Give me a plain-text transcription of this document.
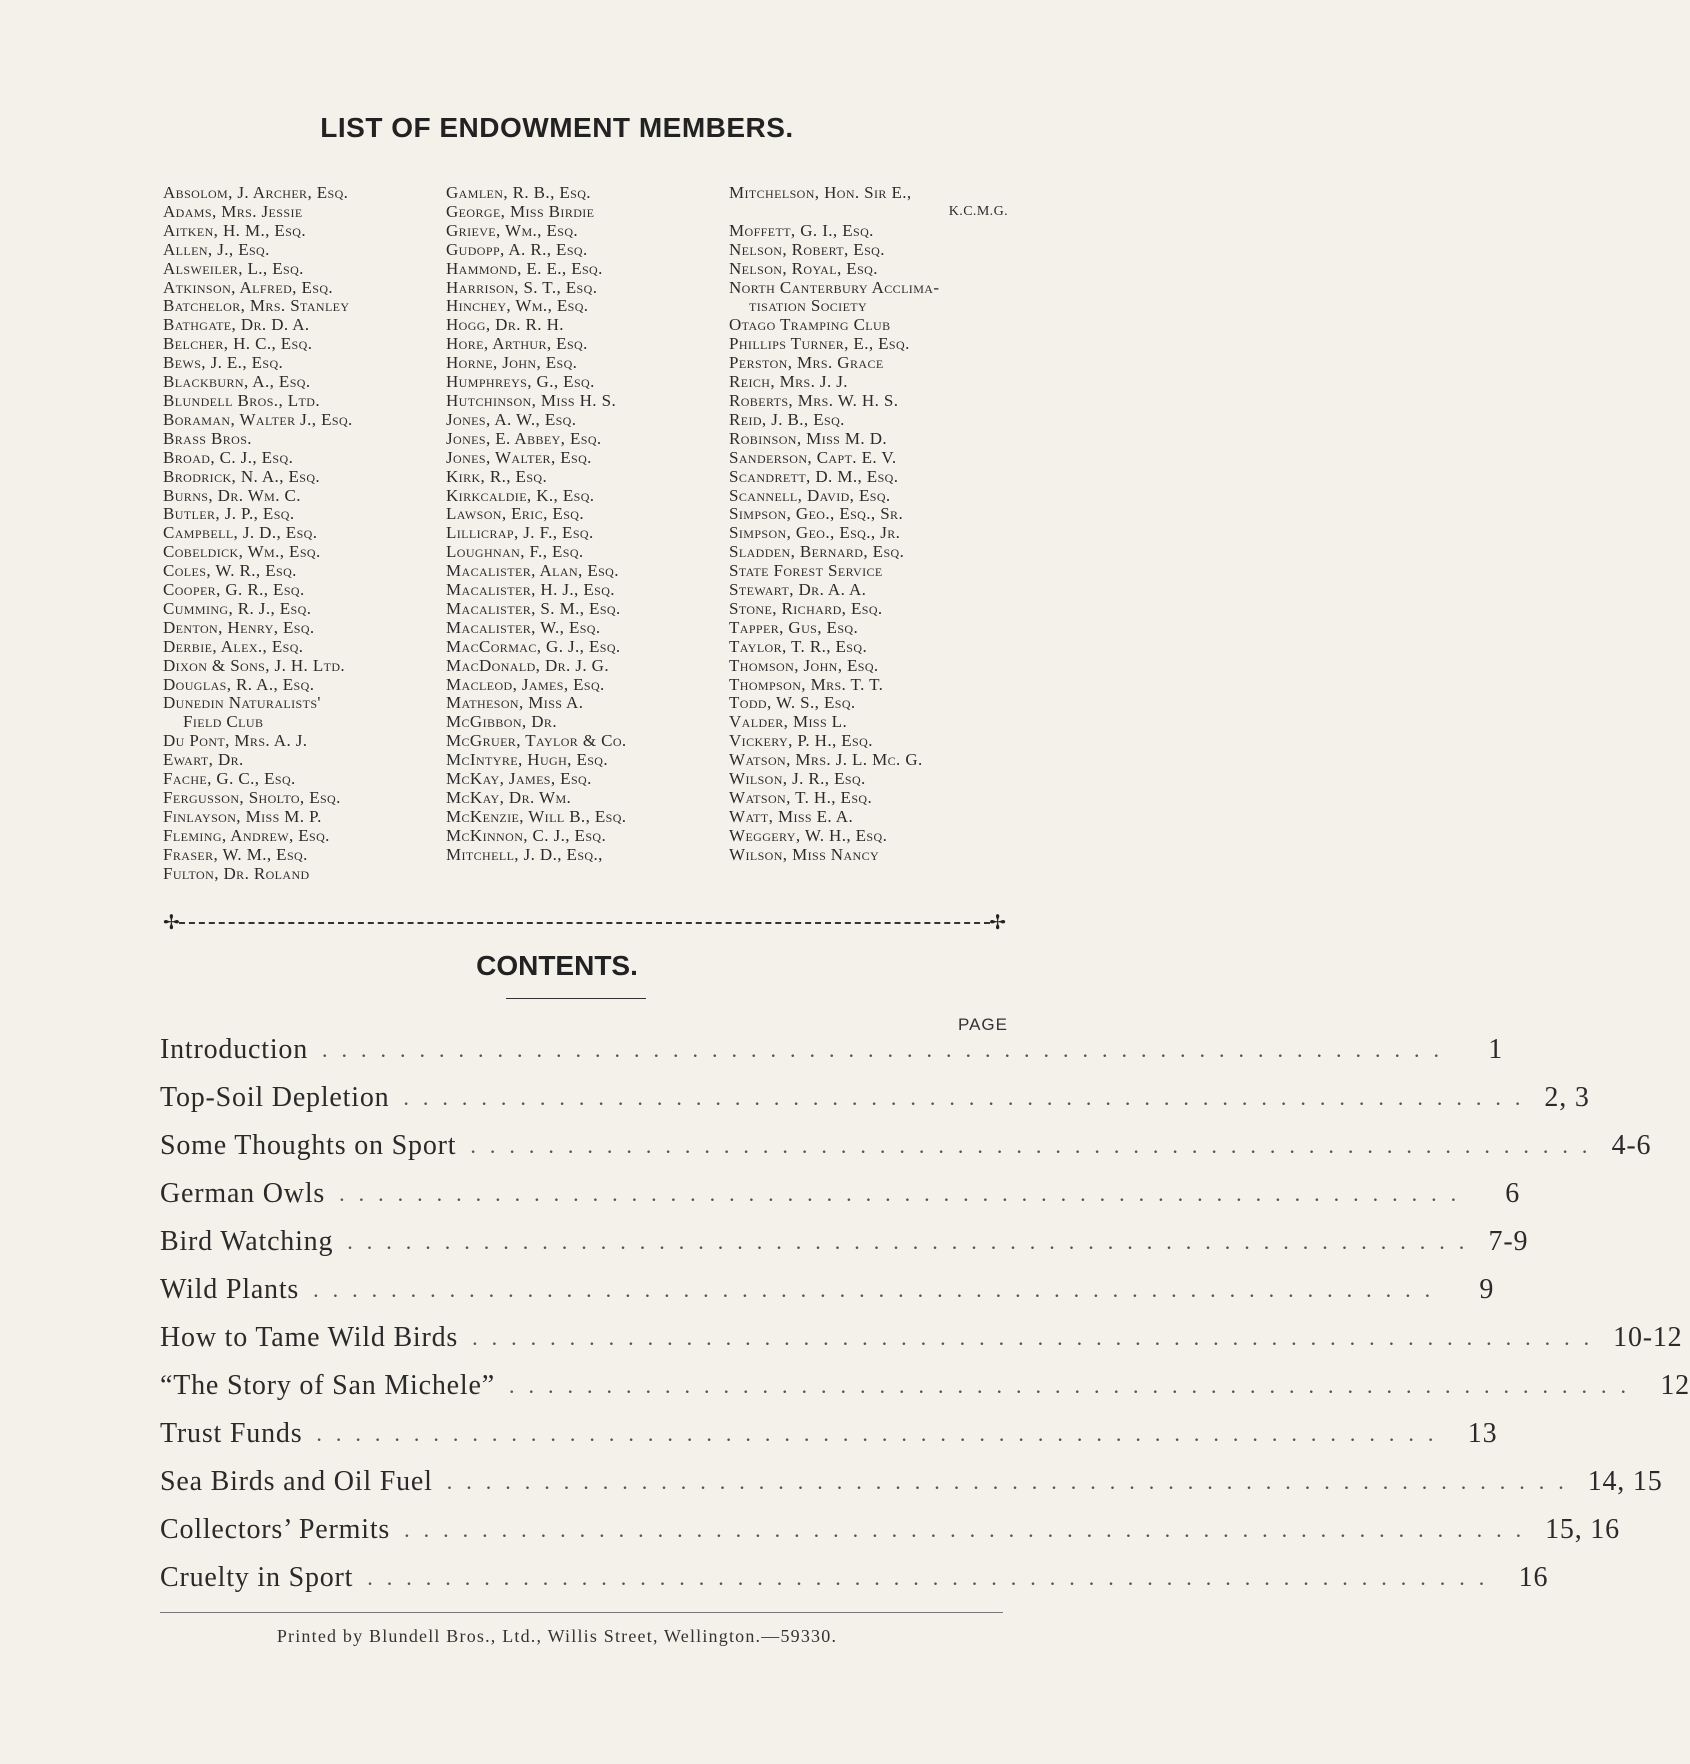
LIST OF ENDOWMENT MEMBERS.
Absolom, J. Archer, Esq.
Adams, Mrs. Jessie
Aitken, H. M., Esq.
Allen, J., Esq.
Alsweiler, L., Esq.
Atkinson, Alfred, Esq.
Batchelor, Mrs. Stanley
Bathgate, Dr. D. A.
Belcher, H. C., Esq.
Bews, J. E., Esq.
Blackburn, A., Esq.
Blundell Bros., Ltd.
Boraman, Walter J., Esq.
Brass Bros.
Broad, C. J., Esq.
Brodrick, N. A., Esq.
Burns, Dr. Wm. C.
Butler, J. P., Esq.
Campbell, J. D., Esq.
Cobeldick, Wm., Esq.
Coles, W. R., Esq.
Cooper, G. R., Esq.
Cumming, R. J., Esq.
Denton, Henry, Esq.
Derbie, Alex., Esq.
Dixon & Sons, J. H. Ltd.
Douglas, R. A., Esq.
Dunedin Naturalists'
Field Club
Du Pont, Mrs. A. J.
Ewart, Dr.
Fache, G. C., Esq.
Fergusson, Sholto, Esq.
Finlayson, Miss M. P.
Fleming, Andrew, Esq.
Fraser, W. M., Esq.
Fulton, Dr. Roland
Gamlen, R. B., Esq.
George, Miss Birdie
Grieve, Wm., Esq.
Gudopp, A. R., Esq.
Hammond, E. E., Esq.
Harrison, S. T., Esq.
Hinchey, Wm., Esq.
Hogg, Dr. R. H.
Hore, Arthur, Esq.
Horne, John, Esq.
Humphreys, G., Esq.
Hutchinson, Miss H. S.
Jones, A. W., Esq.
Jones, E. Abbey, Esq.
Jones, Walter, Esq.
Kirk, R., Esq.
Kirkcaldie, K., Esq.
Lawson, Eric, Esq.
Lillicrap, J. F., Esq.
Loughnan, F., Esq.
Macalister, Alan, Esq.
Macalister, H. J., Esq.
Macalister, S. M., Esq.
Macalister, W., Esq.
MacCormac, G. J., Esq.
MacDonald, Dr. J. G.
Macleod, James, Esq.
Matheson, Miss A.
McGibbon, Dr.
McGruer, Taylor & Co.
McIntyre, Hugh, Esq.
McKay, James, Esq.
McKay, Dr. Wm.
McKenzie, Will B., Esq.
McKinnon, C. J., Esq.
Mitchell, J. D., Esq.,
Mitchelson, Hon. Sir E.,
K.C.M.G.
Moffett, G. I., Esq.
Nelson, Robert, Esq.
Nelson, Royal, Esq.
North Canterbury Acclima-
tisation Society
Otago Tramping Club
Phillips Turner, E., Esq.
Perston, Mrs. Grace
Reich, Mrs. J. J.
Roberts, Mrs. W. H. S.
Reid, J. B., Esq.
Robinson, Miss M. D.
Sanderson, Capt. E. V.
Scandrett, D. M., Esq.
Scannell, David, Esq.
Simpson, Geo., Esq., Sr.
Simpson, Geo., Esq., Jr.
Sladden, Bernard, Esq.
State Forest Service
Stewart, Dr. A. A.
Stone, Richard, Esq.
Tapper, Gus, Esq.
Taylor, T. R., Esq.
Thomson, John, Esq.
Thompson, Mrs. T. T.
Todd, W. S., Esq.
Valder, Miss L.
Vickery, P. H., Esq.
Watson, Mrs. J. L. Mc. G.
Wilson, J. R., Esq.
Watson, T. H., Esq.
Watt, Miss E. A.
Weggery, W. H., Esq.
Wilson, Miss Nancy
✢	✢
CONTENTS.
PAGE
Introduction ..........................................................	1
Top-Soil Depletion .......................................................... 2, 3
Some Thoughts on Sport .......................................................... 4-6
German Owls ..........................................................	6
Bird Watching .......................................................... 7-9
Wild Plants ..........................................................	9
How to Tame Wild Birds .......................................................... 10-12
“The Story of San Michele” .......................................................... 12
Trust Funds .......................................................... 13
Sea Birds and Oil Fuel .......................................................... 14, 15
Collectors’ Permits .......................................................... 15, 16
Cruelty in Sport .......................................................... 16
Printed by Blundell Bros., Ltd., Willis Street, Wellington.—59330.
